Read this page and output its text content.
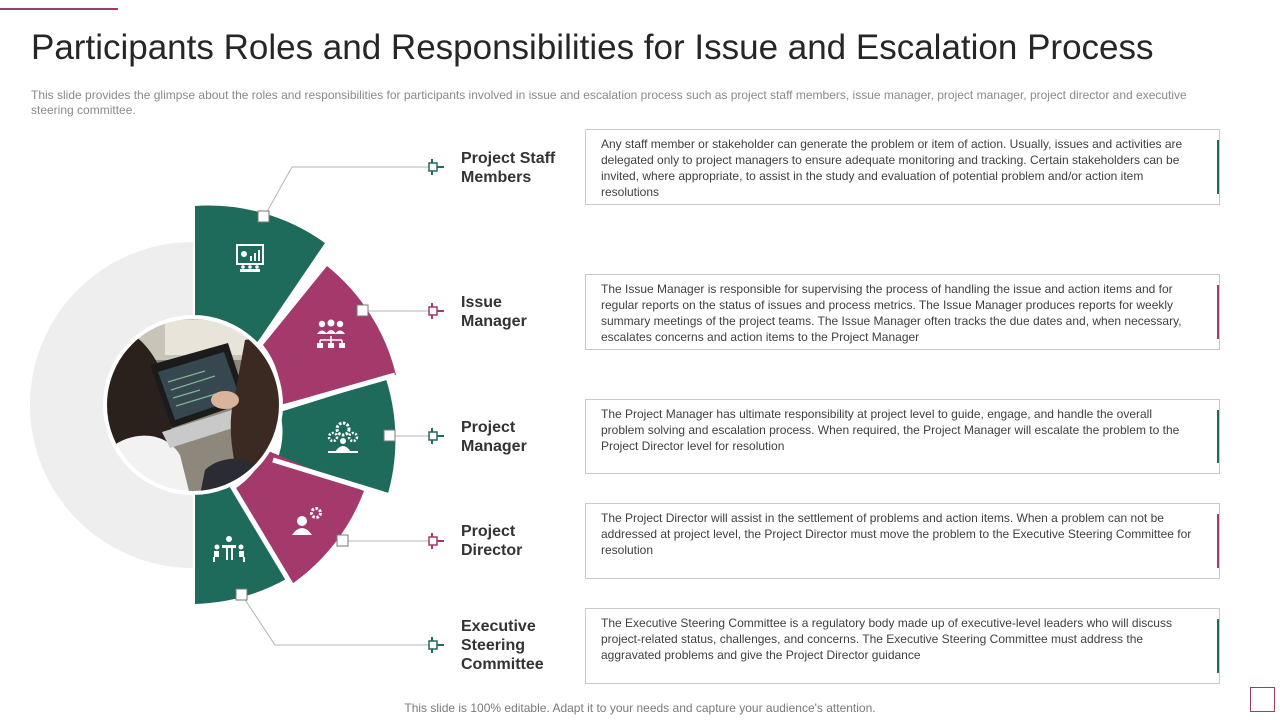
Participants Roles and Responsibilities for Issue and Escalation Process

This slide provides the glimpse about the roles and responsibilities for participants involved in issue and escalation process such as project staff members, issue manager, project manager, project director and executive steering committee.

Project Staff
Members
Issue
Manager
Project
Manager
Project
Director
Executive
Steering
Committee
Any staff member or stakeholder can generate the problem or item of action. Usually, issues and activities are delegated only to project managers to ensure adequate monitoring and tracking. Certain stakeholders can be invited, where appropriate, to assist in the study and evaluation of potential problem and/or action item resolutions
The Issue Manager is responsible for supervising the process of handling the issue and action items and for regular reports on the status of issues and process metrics. The Issue Manager produces reports for weekly summary meetings of the project teams. The Issue Manager often tracks the due dates and, when necessary, escalates concerns and action items to the Project Manager
The Project Manager has ultimate responsibility at project level to guide, engage, and handle the overall problem solving and escalation process. When required, the Project Manager will escalate the problem to the Project Director level for resolution
The Project Director will assist in the settlement of problems and action items. When a problem can not be addressed at project level, the Project Director must move the problem to the Executive Steering Committee for resolution
The Executive Steering Committee is a regulatory body made up of executive-level leaders who will discuss project-related status, challenges, and concerns. The Executive Steering Committee must address the aggravated problems and give the Project Director guidance
This slide is 100% editable. Adapt it to your needs and capture your audience's attention.
